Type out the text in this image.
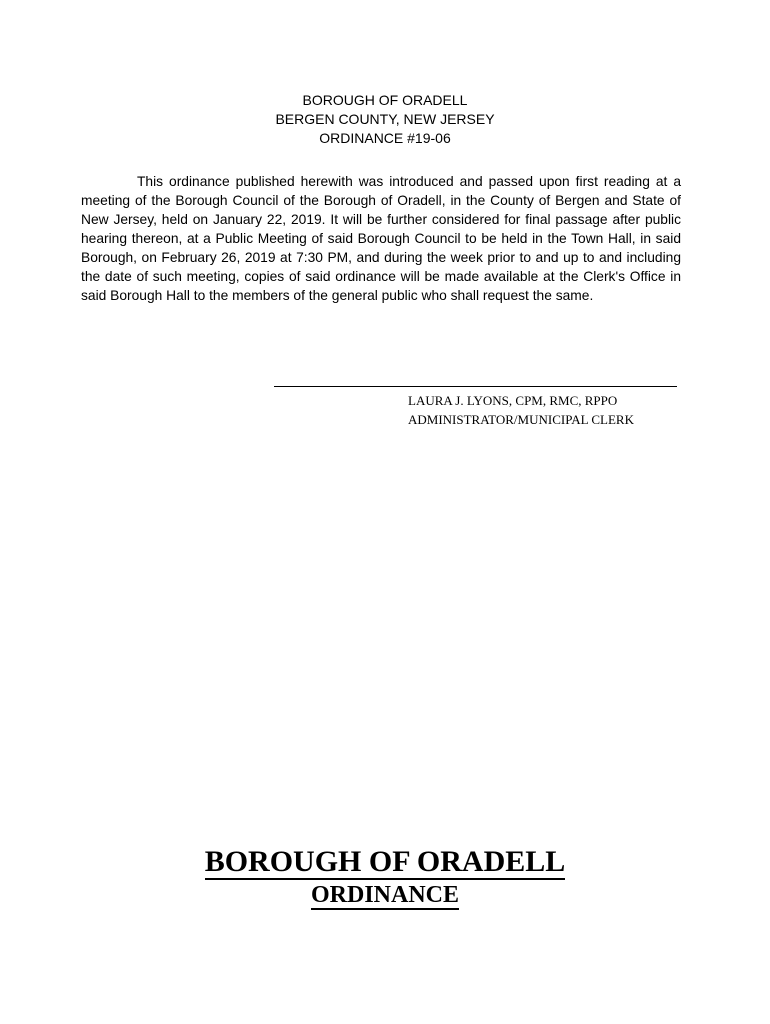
BOROUGH OF ORADELL
BERGEN COUNTY, NEW JERSEY
ORDINANCE #19-06

This ordinance published herewith was introduced and passed upon first reading at a meeting of the Borough Council of the Borough of Oradell, in the County of Bergen and State of New Jersey, held on January 22, 2019. It will be further considered for final passage after public hearing thereon, at a Public Meeting of said Borough Council to be held in the Town Hall, in said Borough, on February 26, 2019 at 7:30 PM, and during the week prior to and up to and including the date of such meeting, copies of said ordinance will be made available at the Clerk's Office in said Borough Hall to the members of the general public who shall request the same.

LAURA J. LYONS, CPM, RMC, RPPO
ADMINISTRATOR/MUNICIPAL CLERK
BOROUGH OF ORADELL
ORDINANCE
